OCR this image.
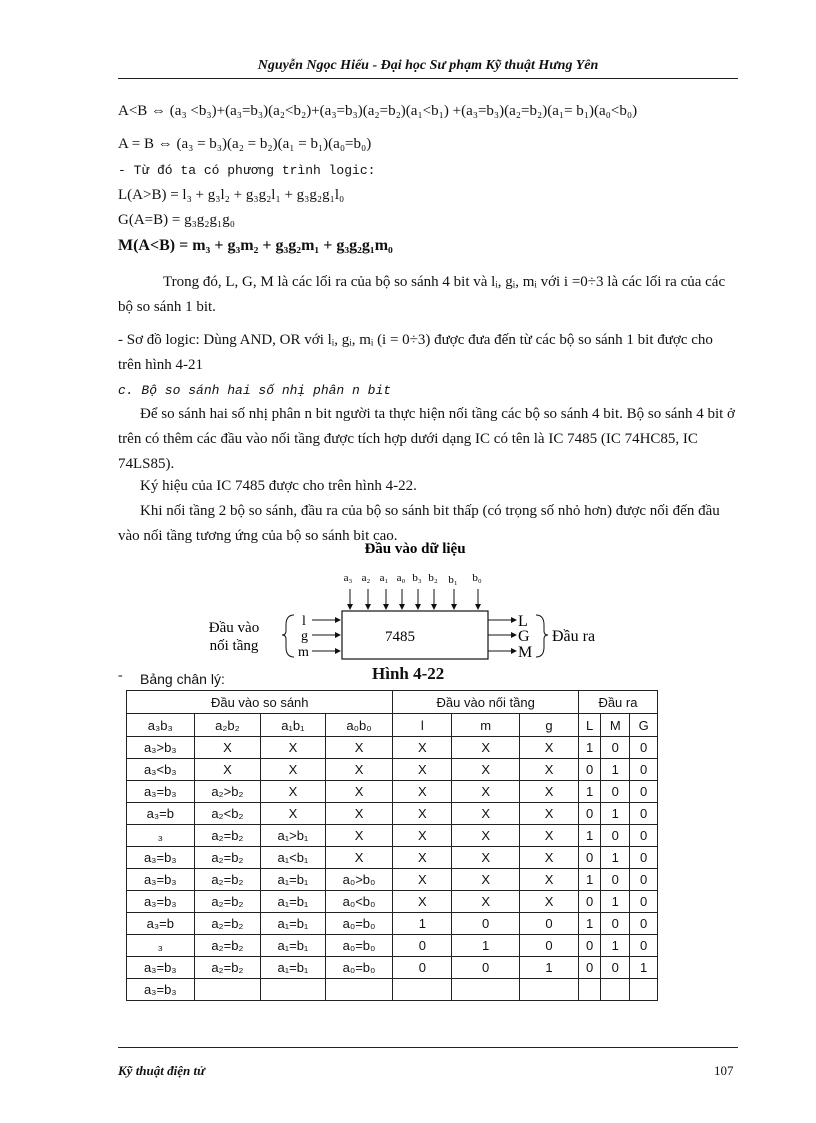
Nguyễn Ngọc Hiếu - Đại học Sư phạm Kỹ thuật Hưng Yên
A<B ⇔ (a₃ <b₃)+(a₃=b₃)(a₂<b₂)+(a₃=b₃)(a₂=b₂)(a₁<b₁) +(a₃=b₃)(a₂=b₂)(a₁= b₁)(a₀<b₀)
A = B ⇔ (a₃ = b₃)(a₂ = b₂)(a₁ = b₁)(a₀=b₀)
- Từ đó ta có phương trình logic:
L(A>B) = l₃ + g₃l₂ + g₃g₂l₁ + g₃g₂g₁l₀
G(A=B) = g₃g₂g₁g₀
M(A<B) = m₃ + g₃m₂ + g₃g₂m₁ + g₃g₂g₁m₀
Trong đó, L, G, M là các lối ra của bộ so sánh 4 bit và lᵢ, gᵢ, mᵢ với i =0÷3 là các lối ra của các bộ so sánh 1 bit.
- Sơ đồ logic: Dùng AND, OR với lᵢ, gᵢ, mᵢ (i = 0÷3) được đưa đến từ các bộ so sánh 1 bit được cho trên hình 4-21
c. Bộ so sánh hai số nhị phân n bit
Để so sánh hai số nhị phân n bit người ta thực hiện nối tầng các bộ so sánh 4 bit. Bộ so sánh 4 bit ở trên có thêm các đầu vào nối tầng được tích hợp dưới dạng IC có tên là IC 7485 (IC 74HC85, IC 74LS85).
Ký hiệu của IC 7485 được cho trên hình 4-22.
Khi nối tầng 2 bộ so sánh, đầu ra của bộ so sánh bit thấp (có trọng số nhỏ hơn) được nối đến đầu vào nối tầng tương ứng của bộ so sánh bit cao.
Đầu vào dữ liệu
a₃ a₂ a₁ a₀ b₃ b₂ b₁ b₀
7485
Đầu vào
nối tầng
l
g
m
L
G
M
Đầu ra
- Bảng chân lý:	Hình 4-22
Đầu vào so sánh				Đầu vào nối tầng			Đầu ra		
a₃b₃	a₂b₂	a₁b₁	a₀b₀	l	m	g	L	M	G
a₃>b₃	X	X	X	X	X	X	1	0	0
a₃<b₃	X	X	X	X	X	X	0	1	0
a₃=b₃	a₂>b₂	X	X	X	X	X	1	0	0
a₃=b	a₂<b₂	X	X	X	X	X	0	1	0
₃	a₂=b₂	a₁>b₁	X	X	X	X	1	0	0
a₃=b₃	a₂=b₂	a₁<b₁	X	X	X	X	0	1	0
a₃=b₃	a₂=b₂	a₁=b₁	a₀>b₀	X	X	X	1	0	0
a₃=b₃	a₂=b₂	a₁=b₁	a₀<b₀	X	X	X	0	1	0
a₃=b	a₂=b₂	a₁=b₁	a₀=b₀	1	0	0	1	0	0
₃	a₂=b₂	a₁=b₁	a₀=b₀	0	1	0	0	1	0
a₃=b₃	a₂=b₂	a₁=b₁	a₀=b₀	0	0	1	0	0	1
a₃=b₃									
Kỹ thuật điện tử	107
